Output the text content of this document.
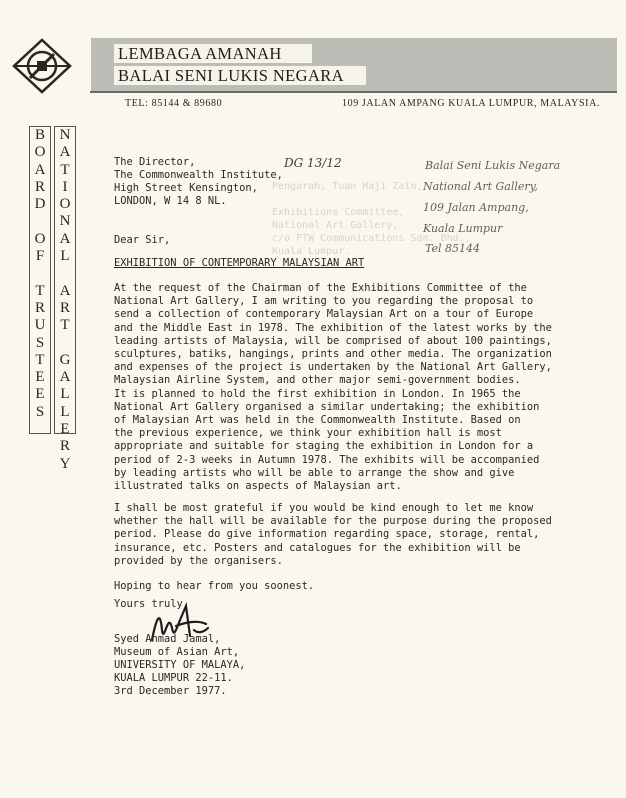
LEMBAGA AMANAH
BALAI SENI LUKIS NEGARA
TEL: 85144 & 89680	109 JALAN AMPANG KUALA LUMPUR, MALAYSIA.
B
O
A
R
D

O
F

T
R
U
S
T
E
E
S
N
A
T
I
O
N
A
L

A
R
T

G
A
L
L
E
R
Y
Pengarah, Tuan Haji Zain,

Exhibitions Committee,
National Art Gallery,
c/o PTW Communications Sdn. Bhd.,
Kuala Lumpur.
The Director,
The Commonwealth Institute,
High Street Kensington,
LONDON, W 14 8 NL.
DG 13/12	Balai Seni Lukis Negara
National Art Gallery,
109 Jalan Ampang,
Kuala Lumpur
Tel 85144
Dear Sir,
EXHIBITION OF CONTEMPORARY MALAYSIAN ART
At the request of the Chairman of the Exhibitions Committee of the
National Art Gallery, I am writing to you regarding the proposal to
send a collection of contemporary Malaysian Art on a tour of Europe
and the Middle East in 1978. The exhibition of the latest works by the
leading artists of Malaysia, will be comprised of about 100 paintings,
sculptures, batiks, hangings, prints and other media. The organization
and expenses of the project is undertaken by the National Art Gallery,
Malaysian Airline System, and other major semi-government bodies.
It is planned to hold the first exhibition in London. In 1965 the
National Art Gallery organised a similar undertaking; the exhibition
of Malaysian Art was held in the Commonwealth Institute. Based on
the previous experience, we think your exhibition hall is most
appropriate and suitable for staging the exhibition in London for a
period of 2-3 weeks in Autumn 1978. The exhibits will be accompanied
by leading artists who will be able to arrange the show and give
illustrated talks on aspects of Malaysian art.
I shall be most grateful if you would be kind enough to let me know
whether the hall will be available for the purpose during the proposed
period. Please do give information regarding space, storage, rental,
insurance, etc. Posters and catalogues for the exhibition will be
provided by the organisers.
Hoping to hear from you soonest.
Yours truly,
Syed Ahmad Jamal,
Museum of Asian Art,
UNIVERSITY OF MALAYA,
KUALA LUMPUR 22-11.
3rd December 1977.
